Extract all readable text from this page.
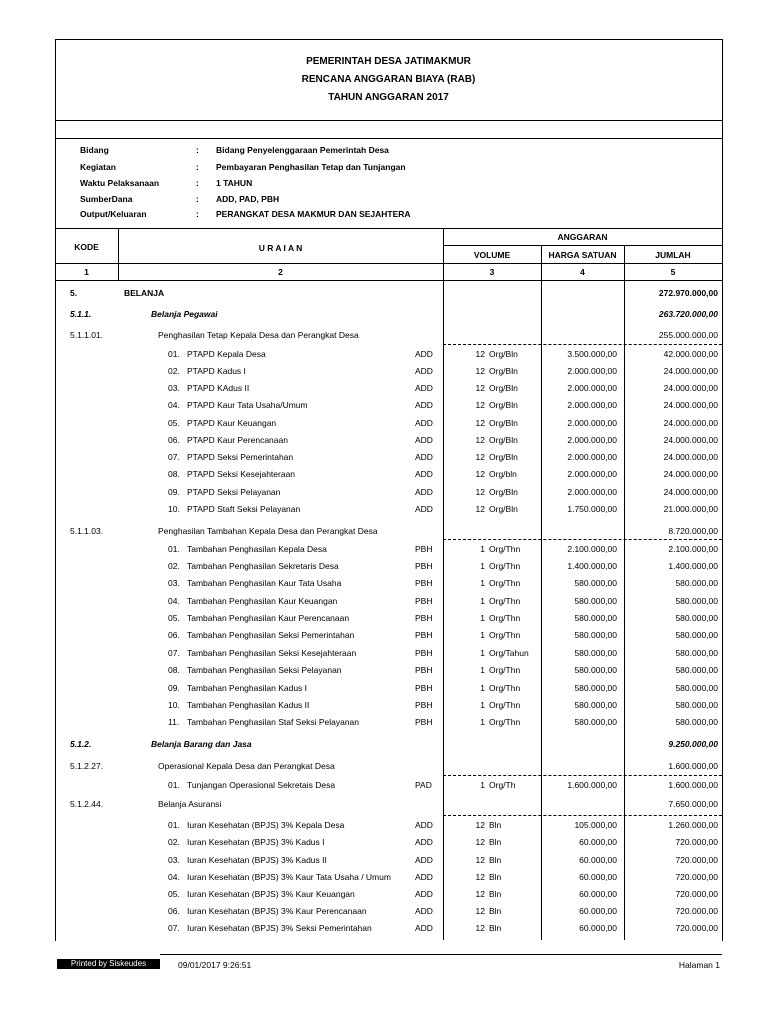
PEMERINTAH DESA JATIMAKMUR
RENCANA ANGGARAN BIAYA (RAB)
TAHUN ANGGARAN 2017
Bidang	: Bidang Penyelenggaraan Pemerintah Desa
Kegiatan	: Pembayaran Penghasilan Tetap dan Tunjangan
Waktu Pelaksanaan	: 1 TAHUN
SumberDana	: ADD, PAD, PBH
Output/Keluaran	: PERANGKAT DESA MAKMUR DAN SEJAHTERA
KODE	U R A I A N
ANGGARAN
VOLUME	HARGA SATUAN	JUMLAH
1	2	3	4	5
5.	BELANJA	272.970.000,00
5.1.1.	Belanja Pegawai	263.720.000,00
5.1.1.01.	Penghasilan Tetap Kepala Desa dan Perangkat Desa	255.000.000,00
01. PTAPD Kepala Desa	ADD	12 Org/Bln	3.500.000,00	42.000.000,00
02. PTAPD Kadus I	ADD	12 Org/Bln	2.000.000,00	24.000.000,00
03. PTAPD KAdus II	ADD	12 Org/Bln	2.000.000,00	24.000.000,00
04. PTAPD Kaur Tata Usaha/Umum	ADD	12 Org/Bln	2.000.000,00	24.000.000,00
05. PTAPD Kaur Keuangan	ADD	12 Org/Bln	2.000.000,00	24.000.000,00
06. PTAPD Kaur Perencanaan	ADD	12 Org/Bln	2.000.000,00	24.000.000,00
07. PTAPD Seksi Pemerintahan	ADD	12 Org/Bln	2.000.000,00	24.000.000,00
08. PTAPD Seksi Kesejahteraan	ADD	12 Org/bln	2.000.000,00	24.000.000,00
09. PTAPD Seksi Pelayanan	ADD	12 Org/Bln	2.000.000,00	24.000.000,00
10. PTAPD Staft Seksi Pelayanan	ADD	12 Org/Bln	1.750.000,00	21.000.000,00
5.1.1.03.	Penghasilan Tambahan Kepala Desa dan Perangkat Desa	8.720.000,00
01. Tambahan Penghasilan Kepala Desa	PBH	1 Org/Thn	2.100.000,00	2.100.000,00
02. Tambahan Penghasilan Sekretaris Desa	PBH	1 Org/Thn	1.400.000,00	1.400.000,00
03. Tambahan Penghasilan Kaur Tata Usaha	PBH	1 Org/Thn	580.000,00	580.000,00
04. Tambahan Penghasilan Kaur Keuangan	PBH	1 Org/Thn	580.000,00	580.000,00
05. Tambahan Penghasilan Kaur Perencanaan	PBH	1 Org/Thn	580.000,00	580.000,00
06. Tambahan Penghasilan Seksi Pemerintahan	PBH	1 Org/Thn	580.000,00	580.000,00
07. Tambahan Penghasilan Seksi Kesejahteraan	PBH	1 Org/Tahun	580.000,00	580.000,00
08. Tambahan Penghasilan Seksi Pelayanan	PBH	1 Org/Thn	580.000,00	580.000,00
09. Tambahan Penghasilan Kadus I	PBH	1 Org/Thn	580.000,00	580.000,00
10. Tambahan Penghasilan Kadus II	PBH	1 Org/Thn	580.000,00	580.000,00
11. Tambahan Penghasilan Staf Seksi Pelayanan	PBH	1 Org/Thn	580.000,00	580.000,00
5.1.2.	Belanja Barang dan Jasa	9.250.000,00
5.1.2.27.	Operasional Kepala Desa dan Perangkat Desa	1.600.000,00
01. Tunjangan Operasional Sekretais Desa	PAD	1 Org/Th	1.600.000,00	1.600.000,00
5.1.2.44.	Belanja Asuransi	7.650.000,00
01. Iuran Kesehatan (BPJS) 3% Kepala Desa	ADD	12 Bln	105.000,00	1.260.000,00
02. Iuran Kesehatan (BPJS) 3% Kadus I	ADD	12 Bln	60.000,00	720.000,00
03. Iuran Kesehatan (BPJS) 3% Kadus II	ADD	12 Bln	60.000,00	720.000,00
04. Iuran Kesehatan (BPJS) 3% Kaur Tata Usaha / Umum	ADD	12 Bln	60.000,00	720.000,00
05. Iuran Kesehatan (BPJS) 3% Kaur Keuangan	ADD	12 Bln	60.000,00	720.000,00
06. Iuran Kesehatan (BPJS) 3% Kaur Perencanaan	ADD	12 Bln	60.000,00	720.000,00
07. Iuran Kesehatan (BPJS) 3% Seksi Pemerintahan	ADD	12 Bln	60.000,00	720.000,00
Printed by Siskeudes	09/01/2017 9:26:51	Halaman 1
